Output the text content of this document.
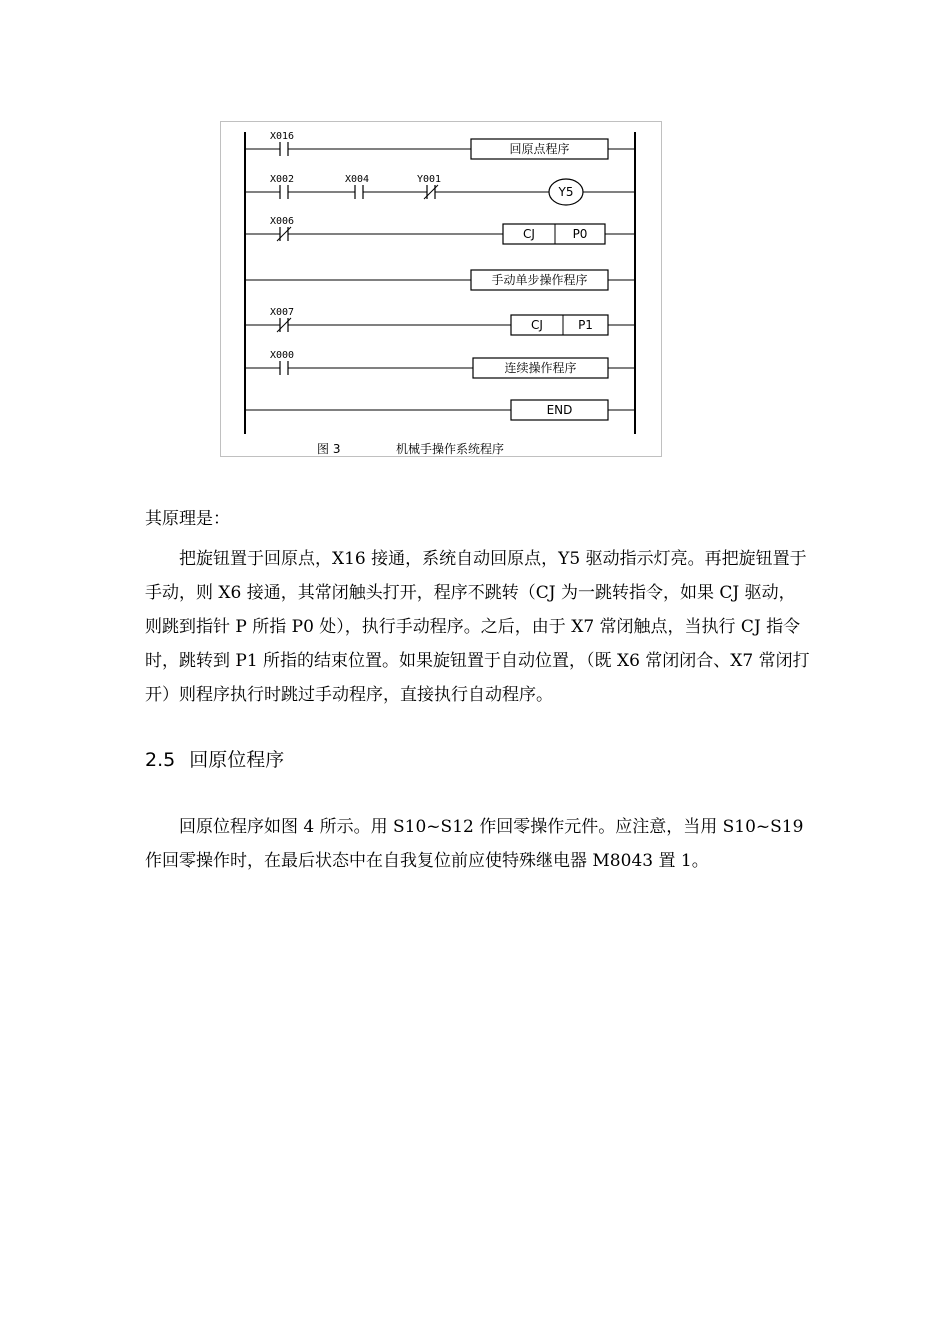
X016
回原点程序
X002	X004	Y001
Y5
X006
CJ	P0
手动单步操作程序
X007
CJ	P1
X000
连续操作程序
END
图 3	机械手操作系统程序

其原理是：

把旋钮置于回原点，X16 接通，系统自动回原点，Y5 驱动指示灯亮。再把旋钮置于手动，则 X6 接通，其常闭触头打开，程序不跳转（CJ 为一跳转指令，如果 CJ 驱动，则跳到指针 P 所指 P0 处），执行手动程序。之后，由于 X7 常闭触点，当执行 CJ 指令时，跳转到 P1 所指的结束位置。如果旋钮置于自动位置，（既 X6 常闭闭合、X7 常闭打开）则程序执行时跳过手动程序，直接执行自动程序。

2.5 回原位程序

回原位程序如图 4 所示。用 S10~S12 作回零操作元件。应注意，当用 S10~S19 作回零操作时，在最后状态中在自我复位前应使特殊继电器 M8043 置 1。
